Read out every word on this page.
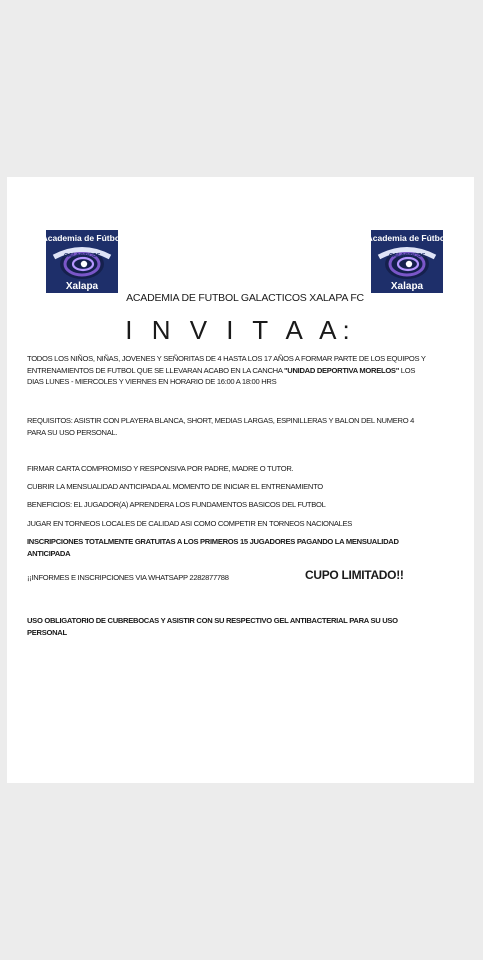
Academia de Fútbol
GALACTICOS
Xalapa
Academia de Fútbol
GALACTICOS
Xalapa
ACADEMIA DE FUTBOL GALACTICOS XALAPA FC
I N V I T A A:
TODOS LOS NIÑOS, NIÑAS, JOVENES Y SEÑORITAS DE 4 HASTA LOS 17 AÑOS A FORMAR PARTE DE LOS EQUIPOS Y ENTRENAMIENTOS DE FUTBOL QUE SE LLEVARAN ACABO EN LA CANCHA "UNIDAD DEPORTIVA MORELOS" LOS DIAS LUNES - MIERCOLES Y VIERNES EN HORARIO DE 16:00 A 18:00 HRS
REQUISITOS: ASISTIR CON PLAYERA BLANCA, SHORT, MEDIAS LARGAS, ESPINILLERAS Y BALON DEL NUMERO 4 PARA SU USO PERSONAL.
FIRMAR CARTA COMPROMISO Y RESPONSIVA POR PADRE, MADRE O TUTOR.
CUBRIR LA MENSUALIDAD ANTICIPADA AL MOMENTO DE INICIAR EL ENTRENAMIENTO
BENEFICIOS: EL JUGADOR(A) APRENDERA LOS FUNDAMENTOS BASICOS DEL FUTBOL
JUGAR EN TORNEOS LOCALES DE CALIDAD ASI COMO COMPETIR EN TORNEOS NACIONALES
INSCRIPCIONES TOTALMENTE GRATUITAS A LOS PRIMEROS 15 JUGADORES PAGANDO LA MENSUALIDAD ANTICIPADA
¡¡INFORMES E INSCRIPCIONES VIA WHATSAPP 2282877788	CUPO LIMITADO!!
USO OBLIGATORIO DE CUBREBOCAS Y ASISTIR CON SU RESPECTIVO GEL ANTIBACTERIAL PARA SU USO PERSONAL
